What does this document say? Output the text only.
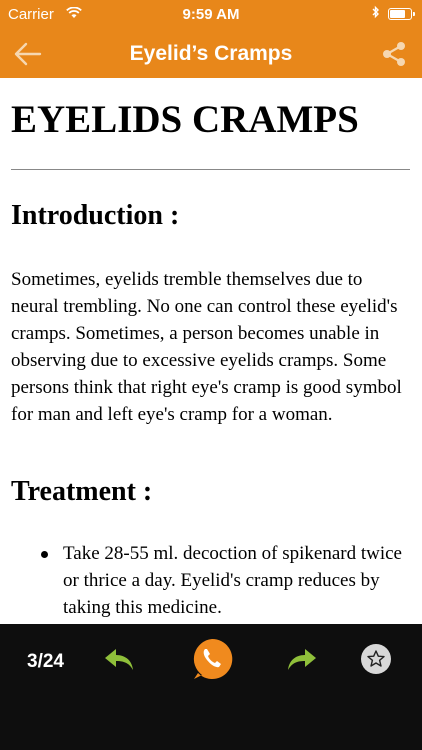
Carrier	9:59 AM
Eyelid’s Cramps
EYELIDS CRAMPS
Introduction :

Sometimes, eyelids tremble themselves due to neural trembling. No one can control these eyelid's cramps. Sometimes, a person becomes unable in observing due to excessive eyelids cramps. Some persons think that right eye's cramp is good symbol for man and left eye's cramp for a woman.

Treatment :
Take 28-55 ml. decoction of spikenard twice or thrice a day. Eyelid's cramp reduces by taking this medicine.
3/24
